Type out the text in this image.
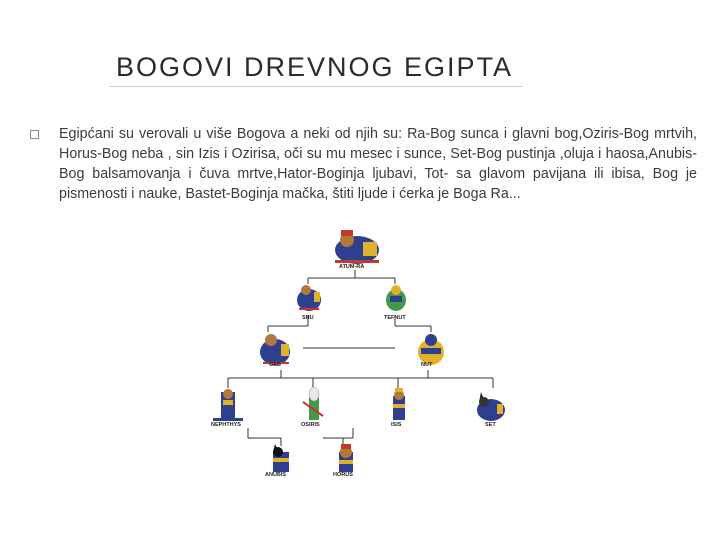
BOGOVI DREVNOG EGIPTA
Egipćani su verovali u više Bogova a neki od njih su: Ra-Bog sunca i glavni bog,Oziris-Bog mrtvih, Horus-Bog neba , sin Izis i Ozirisa, oči su mu mesec i sunce, Set-Bog pustinja ,oluja i haosa,Anubis-Bog balsamovanja i čuva mrtve,Hator-Boginja ljubavi, Tot- sa glavom pavijana ili ibisa, Bog je pismenosti i nauke, Bastet-Boginja mačka, štiti ljude i ćerka je Boga Ra...
ATUM-RA
SHU	TEFNUT
GEB	NUT
NEPHTHYS	OSIRIS	ISIS	SET
ANUBIS	HORUS
